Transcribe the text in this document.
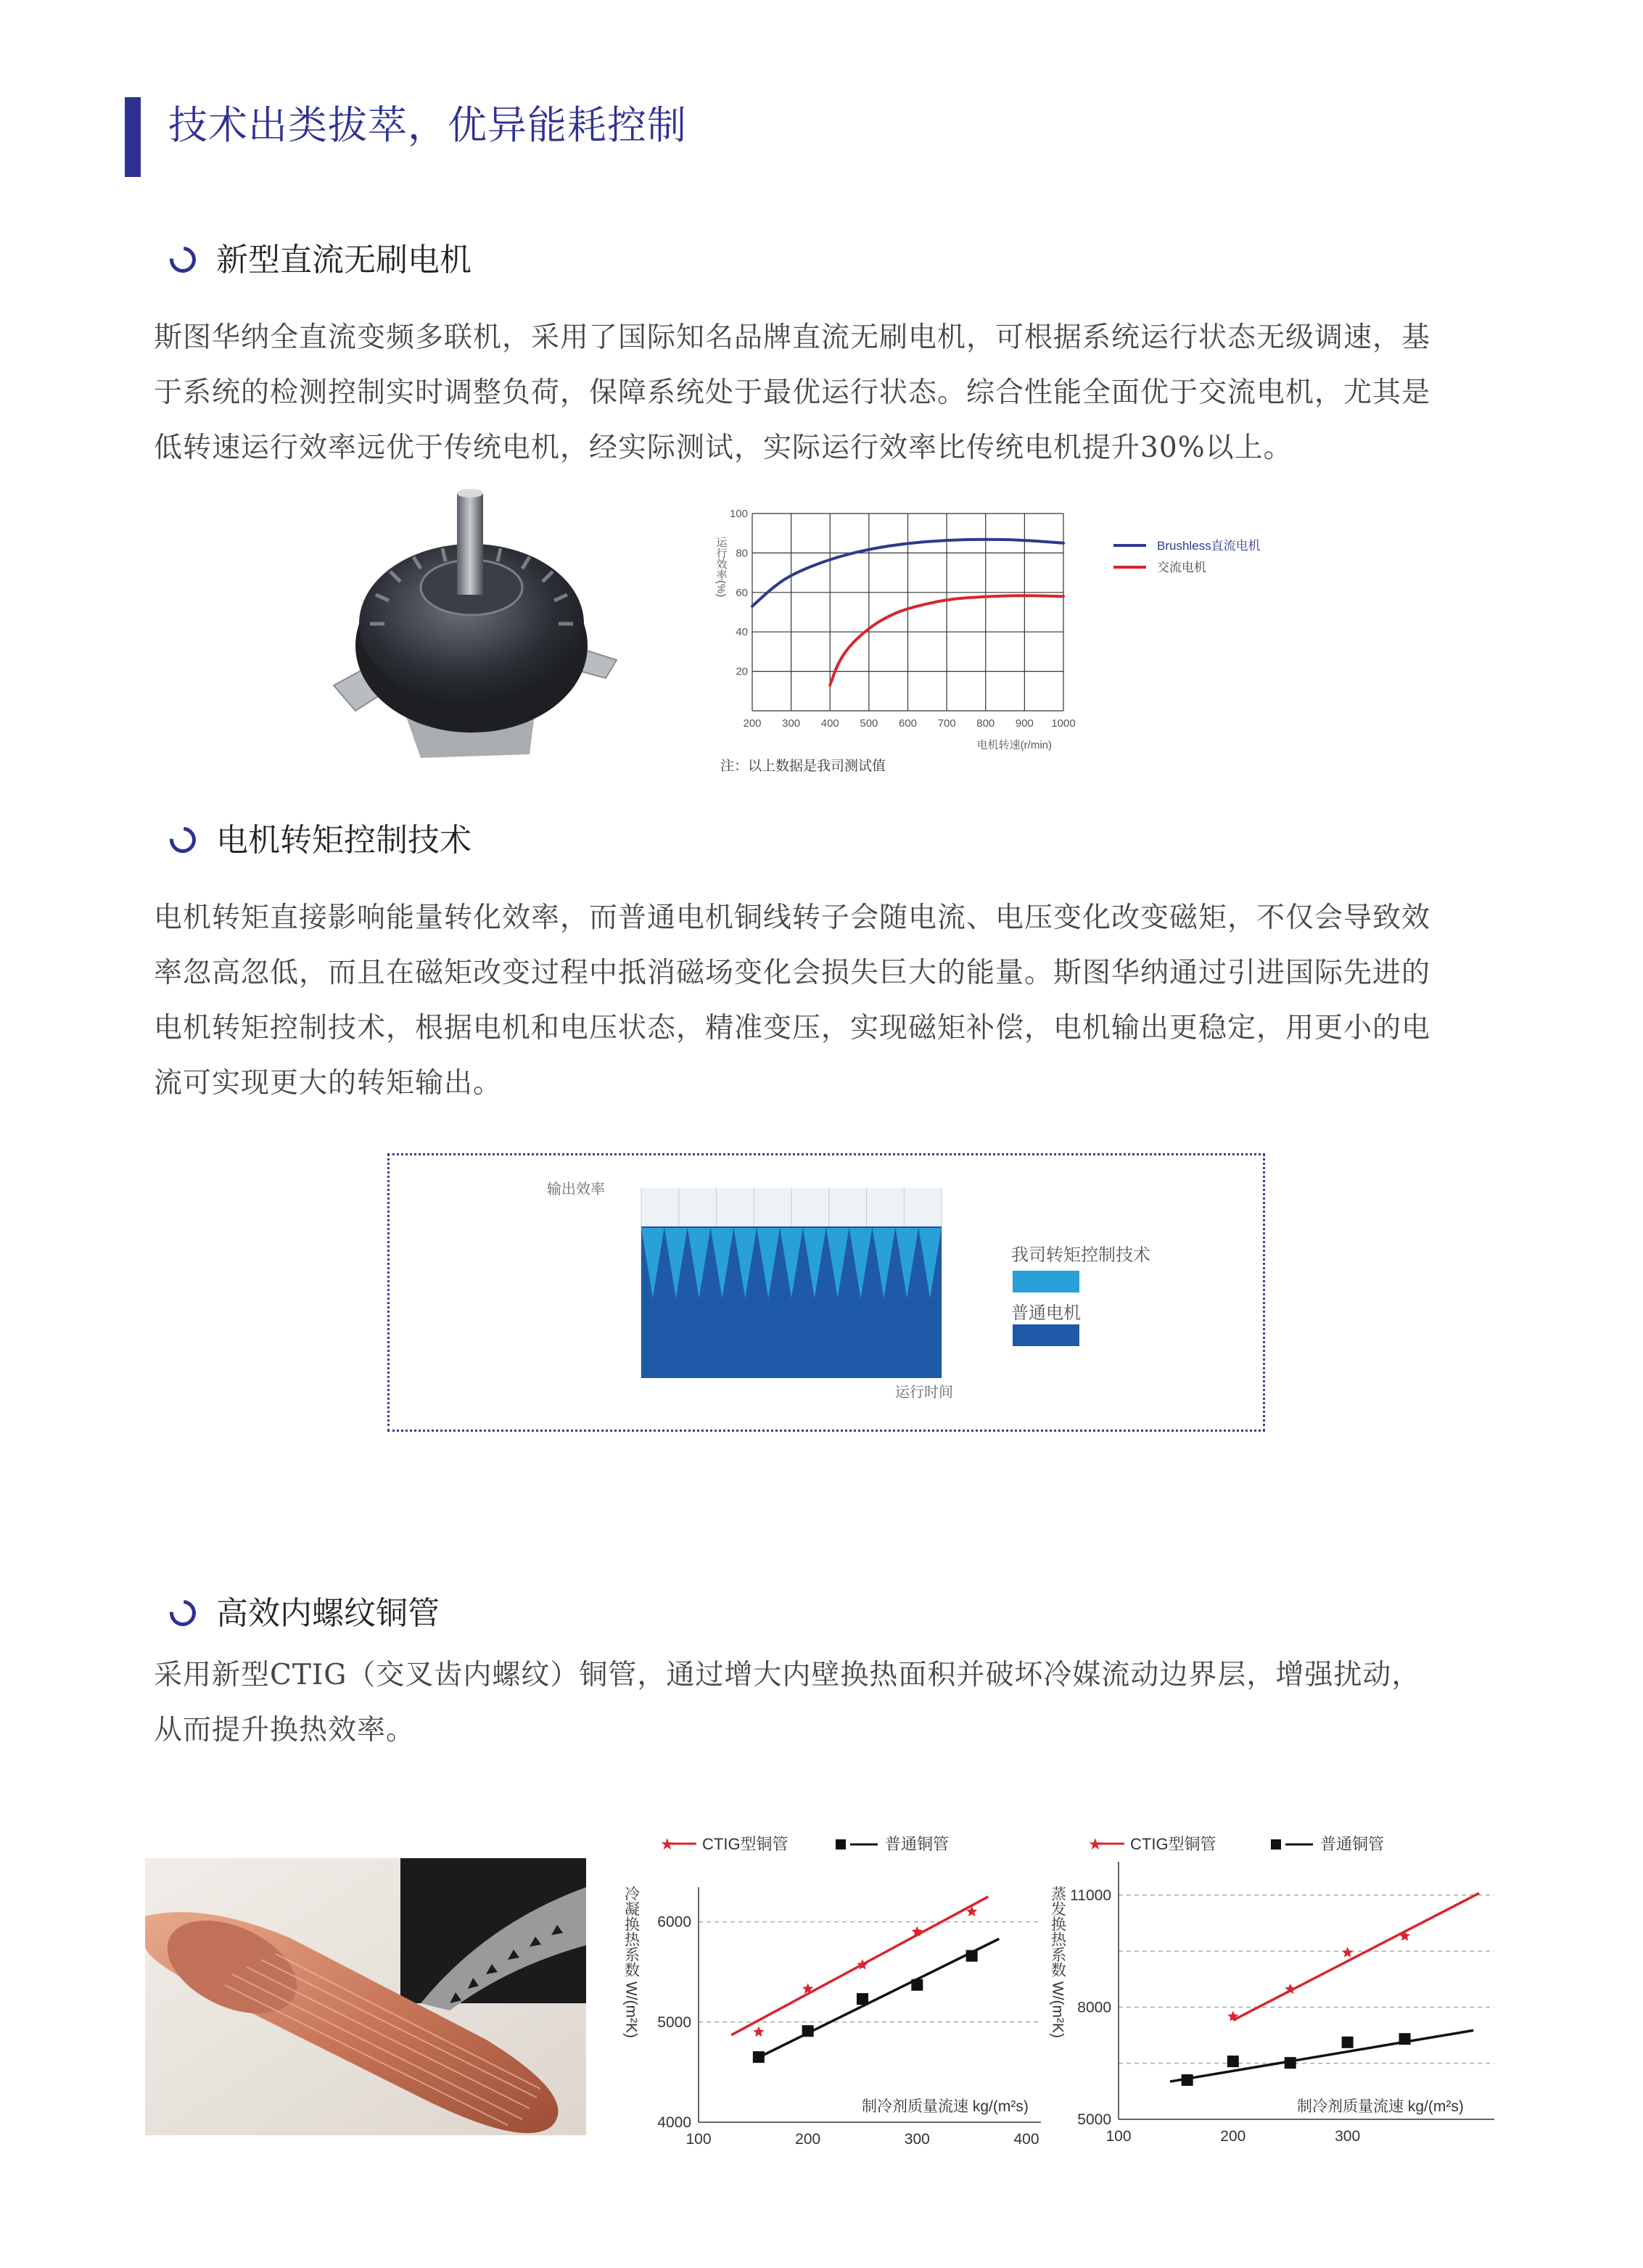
技术出类拔萃，优异能耗控制
新型直流无刷电机
斯图华纳全直流变频多联机，采用了国际知名品牌直流无刷电机，可根据系统运行状态无级调速，基
于系统的检测控制实时调整负荷，保障系统处于最优运行状态。综合性能全面优于交流电机，尤其是
低转速运行效率远优于传统电机，经实际测试，实际运行效率比传统电机提升30%以上。
20
40
60
80
100
200 300 400 500 600 700 800 900 1000
运行效率(%)
电机转速(r/min)
Brushless直流电机
交流电机
注：以上数据是我司测试值
电机转矩控制技术
电机转矩直接影响能量转化效率，而普通电机铜线转子会随电流、电压变化改变磁矩，不仅会导致效
率忽高忽低，而且在磁矩改变过程中抵消磁场变化会损失巨大的能量。斯图华纳通过引进国际先进的
电机转矩控制技术，根据电机和电压状态，精准变压，实现磁矩补偿，电机输出更稳定，用更小的电
流可实现更大的转矩输出。
输出效率
运行时间
我司转矩控制技术
普通电机
高效内螺纹铜管
采用新型CTIG（交叉齿内螺纹）铜管，通过增大内壁换热面积并破坏冷媒流动边界层，增强扰动，
从而提升换热效率。
★ CTIG型铜管	普通铜管
冷凝换热系数 W/(m²K)
4000
5000
6000
100	200	300	400
制冷剂质量流速 kg/(m²s)
★ CTIG型铜管	普通铜管
蒸发换热系数 W/(m²K)
5000
8000
11000
100	200	300
制冷剂质量流速 kg/(m²s)
